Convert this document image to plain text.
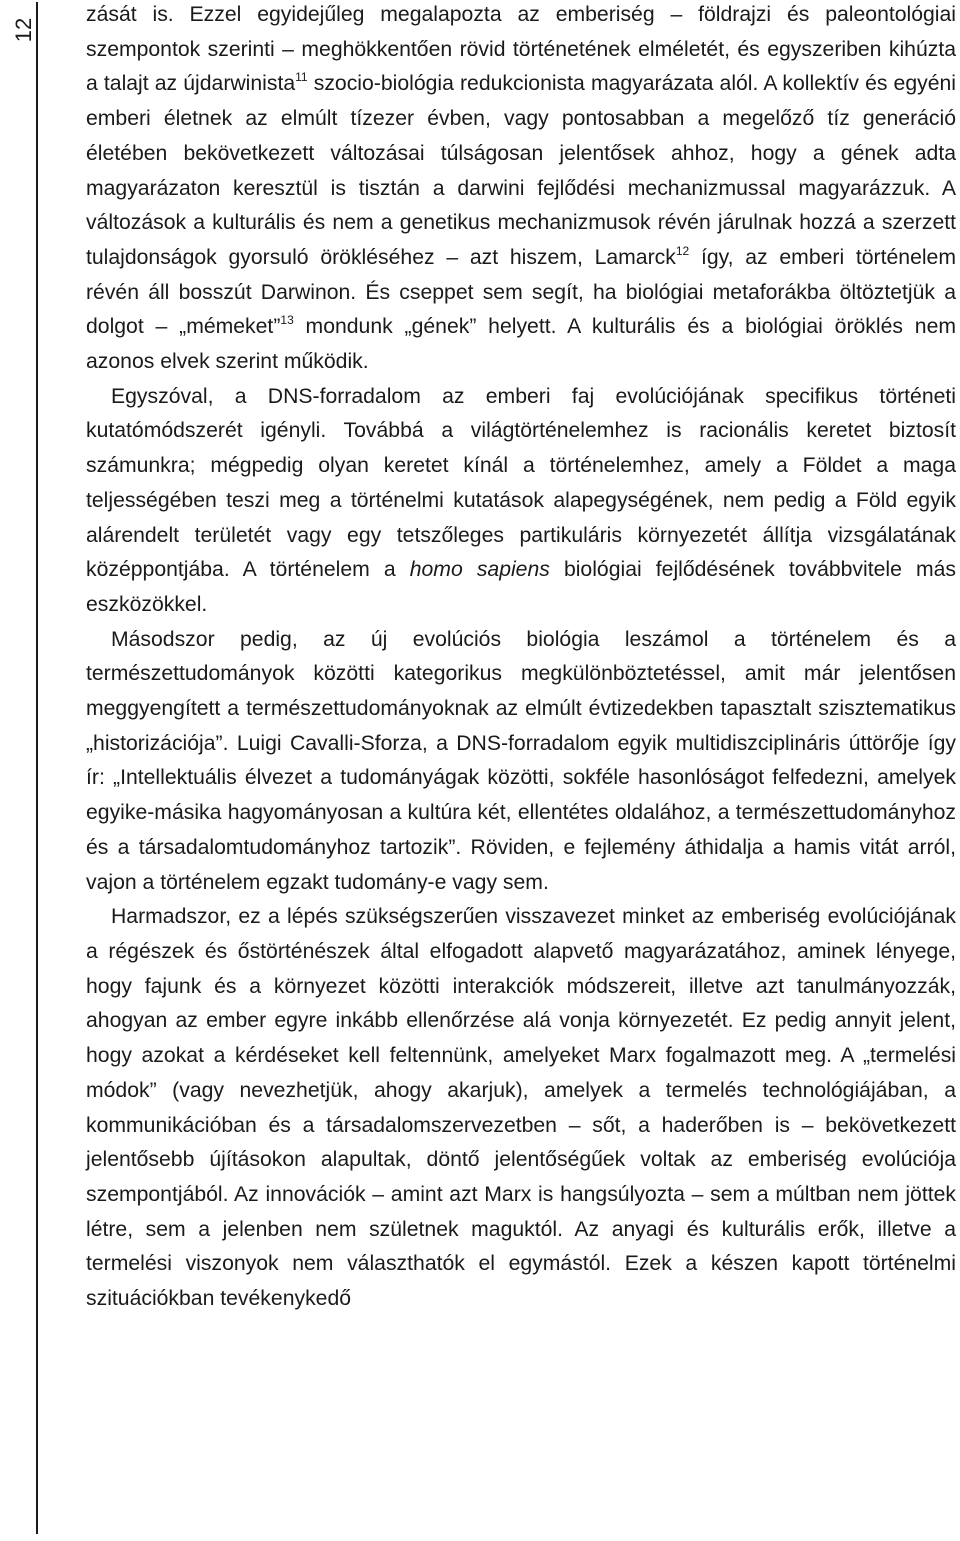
12

zását is. Ezzel egyidejűleg megalapozta az emberiség – földrajzi és paleontológiai szempontok szerinti – meghökkentően rövid történetének elméletét, és egyszeriben kihúzta a talajt az újdarwinista$^{11}$ szocio-biológia redukcionista magyarázata alól. A kollektív és egyéni emberi életnek az elmúlt tízezer évben, vagy pontosabban a megelőző tíz generáció életében bekövetkezett változásai túlságosan jelentősek ahhoz, hogy a gének adta magyarázaton keresztül is tisztán a darwini fejlődési mechanizmussal magyarázzuk. A változások a kulturális és nem a genetikus mechanizmusok révén járulnak hozzá a szerzett tulajdonságok gyorsuló örökléséhez – azt hiszem, Lamarck$^{12}$ így, az emberi történelem révén áll bosszút Darwinon. És cseppet sem segít, ha biológiai metaforákba öltöztetjük a dolgot – „mémeket”$^{13}$ mondunk „gének” helyett. A kulturális és a biológiai öröklés nem azonos elvek szerint működik.

Egyszóval, a DNS-forradalom az emberi faj evolúciójának specifikus történeti kutatómódszerét igényli. Továbbá a világtörténelemhez is racionális keretet biztosít számunkra; mégpedig olyan keretet kínál a történelemhez, amely a Földet a maga teljességében teszi meg a történelmi kutatások alapegységének, nem pedig a Föld egyik alárendelt területét vagy egy tetszőleges partikuláris környezetét állítja vizsgálatának középpontjába. A történelem a homo sapiens biológiai fejlődésének továbbvitele más eszközökkel.

Másodszor pedig, az új evolúciós biológia leszámol a történelem és a természettudományok közötti kategorikus megkülönböztetéssel, amit már jelentősen meggyengített a természettudományoknak az elmúlt évtizedekben tapasztalt szisztematikus „historizációja”. Luigi Cavalli-Sforza, a DNS-forradalom egyik multidiszciplináris úttörője így ír: „Intellektuális élvezet a tudományágak közötti, sokféle hasonlóságot felfedezni, amelyek egyike-másika hagyományosan a kultúra két, ellentétes oldalához, a természettudományhoz és a társadalomtudományhoz tartozik”. Röviden, e fejlemény áthidalja a hamis vitát arról, vajon a történelem egzakt tudomány-e vagy sem.

Harmadszor, ez a lépés szükségszerűen visszavezet minket az emberiség evolúciójának a régészek és őstörténészek által elfogadott alapvető magyarázatához, aminek lényege, hogy fajunk és a környezet közötti interakciók módszereit, illetve azt tanulmányozzák, ahogyan az ember egyre inkább ellenőrzése alá vonja környezetét. Ez pedig annyit jelent, hogy azokat a kérdéseket kell feltennünk, amelyeket Marx fogalmazott meg. A „termelési módok” (vagy nevezhetjük, ahogy akarjuk), amelyek a termelés technológiájában, a kommunikációban és a társadalomszervezetben – sőt, a haderőben is – bekövetkezett jelentősebb újításokon alapultak, döntő jelentőségűek voltak az emberiség evolúciója szempontjából. Az innovációk – amint azt Marx is hangsúlyozta – sem a múltban nem jöttek létre, sem a jelenben nem születnek maguktól. Az anyagi és kulturális erők, illetve a termelési viszonyok nem választhatók el egymástól. Ezek a készen kapott történelmi szituációkban tevékenykedő
